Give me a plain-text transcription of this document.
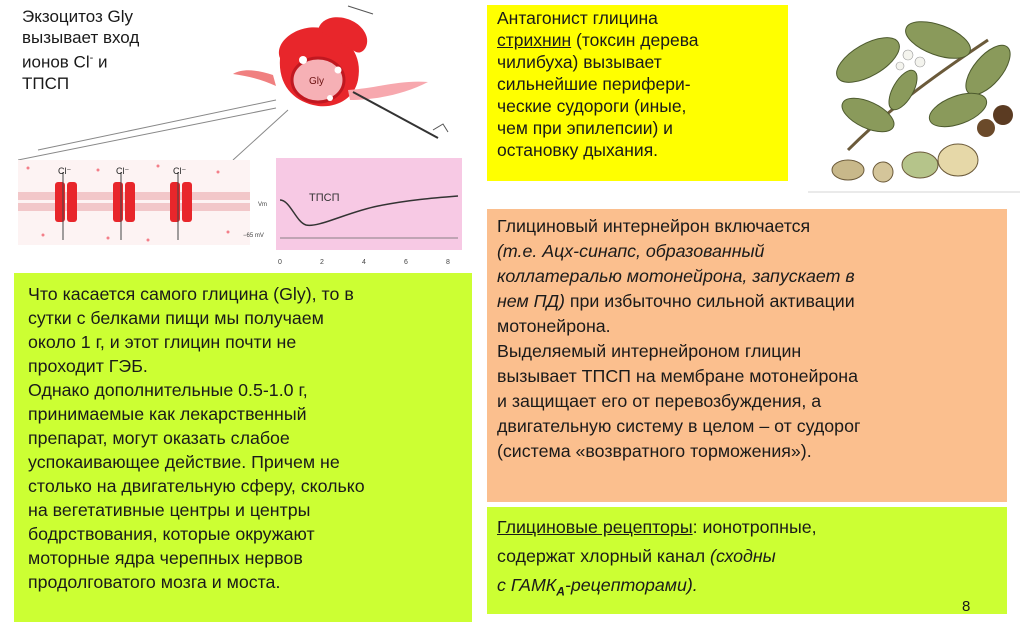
Экзоцитоз Gly
вызывает вход
ионов Cl- и
ТПСП	Gly
Cl⁻	Cl⁻	Cl⁻
ТПСП
Vm
−65 mV
0	2	4	6	8

Антагонист глицина

стрихнин (токсин дерева

чилибуха) вызывает

сильнейшие перифери-

ческие судороги (иные,

чем при эпилепсии) и

остановку дыхания.

Что касается самого глицина (Gly), то в

сутки с белками пищи мы получаем

около 1 г, и этот глицин почти не

проходит ГЭБ.

Однако дополнительные 0.5-1.0 г,

принимаемые как лекарственный

препарат, могут оказать слабое

успокаивающее действие. Причем не

столько на двигательную сферу, сколько

на вегетативные центры и центры

бодрствования, которые окружают

моторные ядра черепных нервов

продолговатого мозга и моста.

Глициновый интернейрон включается

(т.е. Ацх-синапс, образованный

коллатералью мотонейрона, запускает в

нем ПД) при избыточно сильной активации

мотонейрона.

Выделяемый интернейроном глицин

вызывает ТПСП на мембране мотонейрона

и защищает его от перевозбуждения, а

двигательную систему в целом – от судорог

(система «возвратного торможения»).

Глициновые рецепторы: ионотропные,

содержат хлорный канал (сходны

с $ГАМК_А-рецепторами$).

8
